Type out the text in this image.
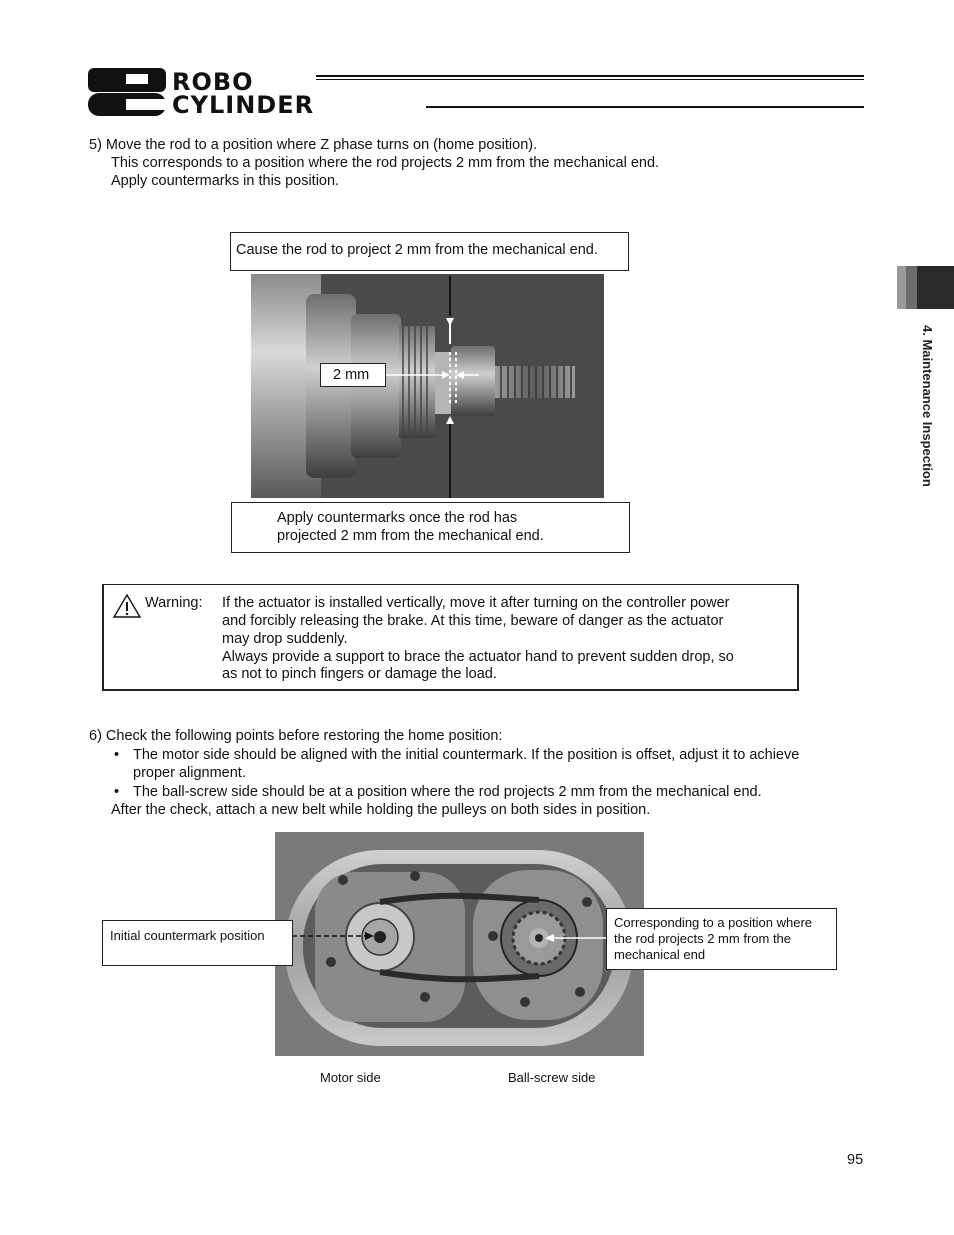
ROBO
CYLINDER
4. Maintenance Inspection
5) Move the rod to a position where Z phase turns on (home position).
This corresponds to a position where the rod projects 2 mm from the mechanical end.
Apply countermarks in this position.
Cause the rod to project 2 mm from the mechanical end.
2 mm
Apply countermarks once the rod has
projected 2 mm from the mechanical end.
Warning: If the actuator is installed vertically, move it after turning on the controller power
and forcibly releasing the brake. At this time, beware of danger as the actuator
may drop suddenly.
Always provide a support to brace the actuator hand to prevent sudden drop, so
as not to pinch fingers or damage the load.
6) Check the following points before restoring the home position:
• The motor side should be aligned with the initial countermark. If the position is offset, adjust it to achieve
proper alignment.
• The ball-screw side should be at a position where the rod projects 2 mm from the mechanical end.
After the check, attach a new belt while holding the pulleys on both sides in position.
Initial countermark position
Corresponding to a position where
the rod projects 2 mm from the
mechanical end
Motor side	Ball-screw side
95
